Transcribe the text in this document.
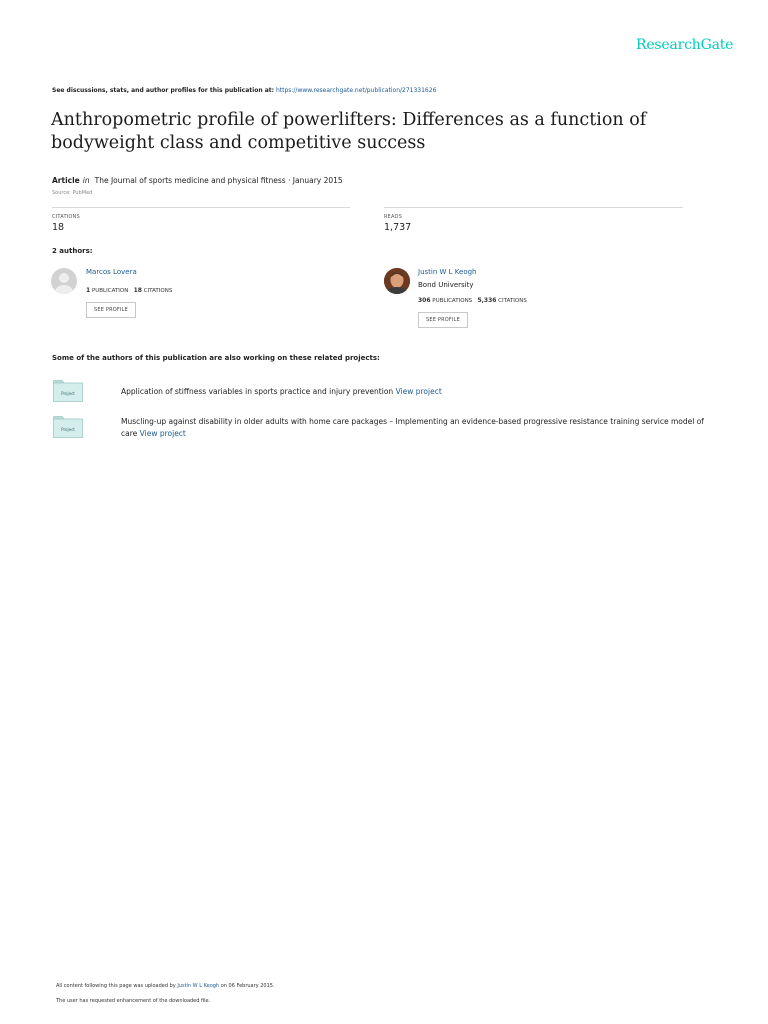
ResearchGate
See discussions, stats, and author profiles for this publication at: https://www.researchgate.net/publication/271331626
Anthropometric profile of powerlifters: Differences as a function of bodyweight class and competitive success
Article in The Journal of sports medicine and physical fitness · January 2015
Source: PubMed
CITATIONS
18
READS
1,737
2 authors:
Marcos Lovera
1 PUBLICATION 18 CITATIONS
SEE PROFILE
Justin W L Keogh
Bond University
306 PUBLICATIONS 5,336 CITATIONS
SEE PROFILE
Some of the authors of this publication are also working on these related projects:
Project	Application of stiffness variables in sports practice and injury prevention View project
Project
Muscling-up against disability in older adults with home care packages – Implementing an evidence-based progressive resistance training service model of care View project
All content following this page was uploaded by Justin W L Keogh on 06 February 2015.
The user has requested enhancement of the downloaded file.
